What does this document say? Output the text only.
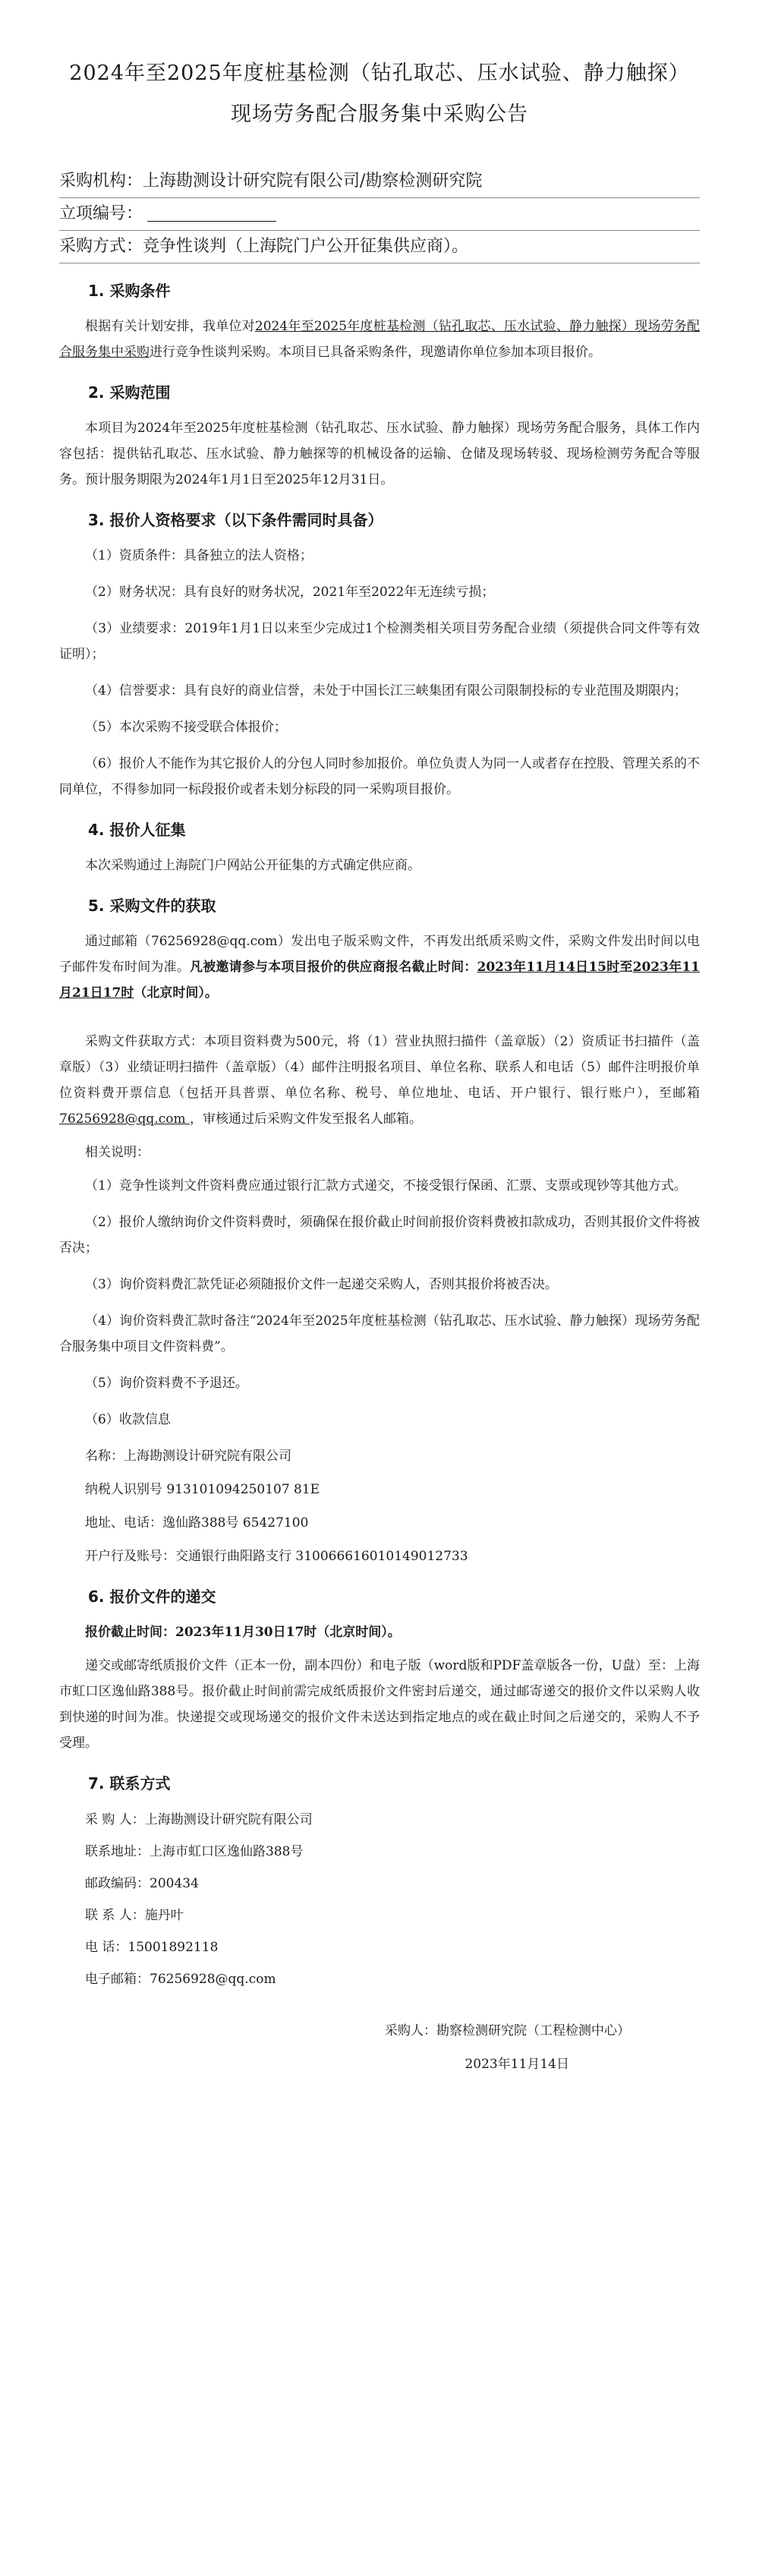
2024年至2025年度桩基检测（钻孔取芯、压水试验、静力触探）现场劳务配合服务集中采购公告

采购机构：上海勘测设计研究院有限公司/勘察检测研究院

立项编号：

采购方式：竞争性谈判（上海院门户公开征集供应商）。

1. 采购条件

根据有关计划安排，我单位对2024年至2025年度桩基检测（钻孔取芯、压水试验、静力触探）现场劳务配合服务集中采购进行竞争性谈判采购。本项目已具备采购条件，现邀请你单位参加本项目报价。

2. 采购范围

本项目为2024年至2025年度桩基检测（钻孔取芯、压水试验、静力触探）现场劳务配合服务，具体工作内容包括：提供钻孔取芯、压水试验、静力触探等的机械设备的运输、仓储及现场转驳、现场检测劳务配合等服务。预计服务期限为2024年1月1日至2025年12月31日。

3. 报价人资格要求（以下条件需同时具备）

（1）资质条件：具备独立的法人资格；

（2）财务状况：具有良好的财务状况，2021年至2022年无连续亏损；

（3）业绩要求：2019年1月1日以来至少完成过1个检测类相关项目劳务配合业绩（须提供合同文件等有效证明）；

（4）信誉要求：具有良好的商业信誉，未处于中国长江三峡集团有限公司限制投标的专业范围及期限内；

（5）本次采购不接受联合体报价；

（6）报价人不能作为其它报价人的分包人同时参加报价。单位负责人为同一人或者存在控股、管理关系的不同单位，不得参加同一标段报价或者未划分标段的同一采购项目报价。

4. 报价人征集

本次采购通过上海院门户网站公开征集的方式确定供应商。

5. 采购文件的获取

通过邮箱（76256928@qq.com）发出电子版采购文件，不再发出纸质采购文件，采购文件发出时间以电子邮件发布时间为准。凡被邀请参与本项目报价的供应商报名截止时间：2023年11月14日15时至2023年11月21日17时（北京时间）。

采购文件获取方式：本项目资料费为500元，将（1）营业执照扫描件（盖章版）（2）资质证书扫描件（盖章版）（3）业绩证明扫描件（盖章版）（4）邮件注明报名项目、单位名称、联系人和电话（5）邮件注明报价单位资料费开票信息（包括开具普票、单位名称、税号、单位地址、电话、开户银行、银行账户），至邮箱 76256928@qq.com ，审核通过后采购文件发至报名人邮箱。

相关说明：

（1）竞争性谈判文件资料费应通过银行汇款方式递交，不接受银行保函、汇票、支票或现钞等其他方式。

（2）报价人缴纳询价文件资料费时，须确保在报价截止时间前报价资料费被扣款成功，否则其报价文件将被否决；

（3）询价资料费汇款凭证必须随报价文件一起递交采购人，否则其报价将被否决。

（4）询价资料费汇款时备注“2024年至2025年度桩基检测（钻孔取芯、压水试验、静力触探）现场劳务配合服务集中项目文件资料费”。

（5）询价资料费不予退还。

（6）收款信息

名称：上海勘测设计研究院有限公司

纳税人识别号 913101094250107 81E

地址、电话：逸仙路388号 65427100

开户行及账号：交通银行曲阳路支行 310066616010149012733

6. 报价文件的递交

报价截止时间：2023年11月30日17时（北京时间）。

递交或邮寄纸质报价文件（正本一份，副本四份）和电子版（word版和PDF盖章版各一份，U盘）至：上海市虹口区逸仙路388号。报价截止时间前需完成纸质报价文件密封后递交，通过邮寄递交的报价文件以采购人收到快递的时间为准。快递提交或现场递交的报价文件未送达到指定地点的或在截止时间之后递交的，采购人不予受理。

7. 联系方式
采 购 人：上海勘测设计研究院有限公司
联系地址：上海市虹口区逸仙路388号
邮政编码：200434
联 系 人：施丹叶
电 话：15001892118
电子邮箱：76256928@qq.com
采购人：勘察检测研究院（工程检测中心）
2023年11月14日
